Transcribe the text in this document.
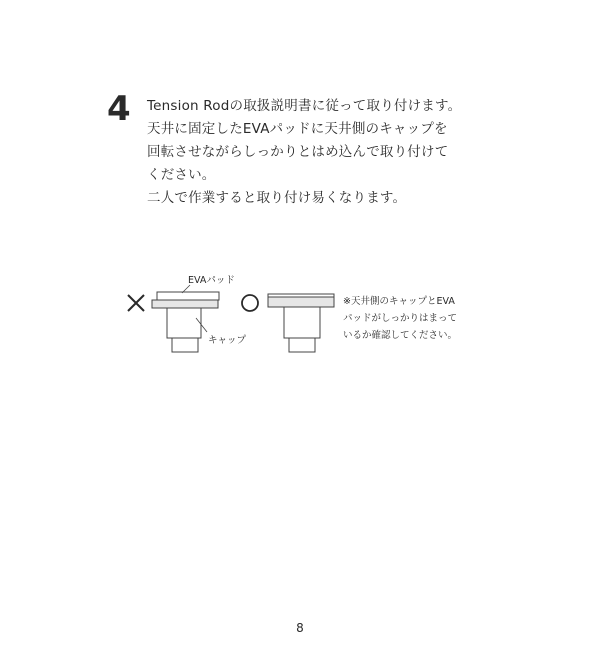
4 Tension Rodの取扱説明書に従って取り付けます。
天井に固定したEVAパッドに天井側のキャップを
回転させながらしっかりとはめ込んで取り付けて
ください。
二人で作業すると取り付け易くなります。
EVAパッド
キャップ
※天井側のキャップとEVA
パッドがしっかりはまって
いるか確認してください。
8
